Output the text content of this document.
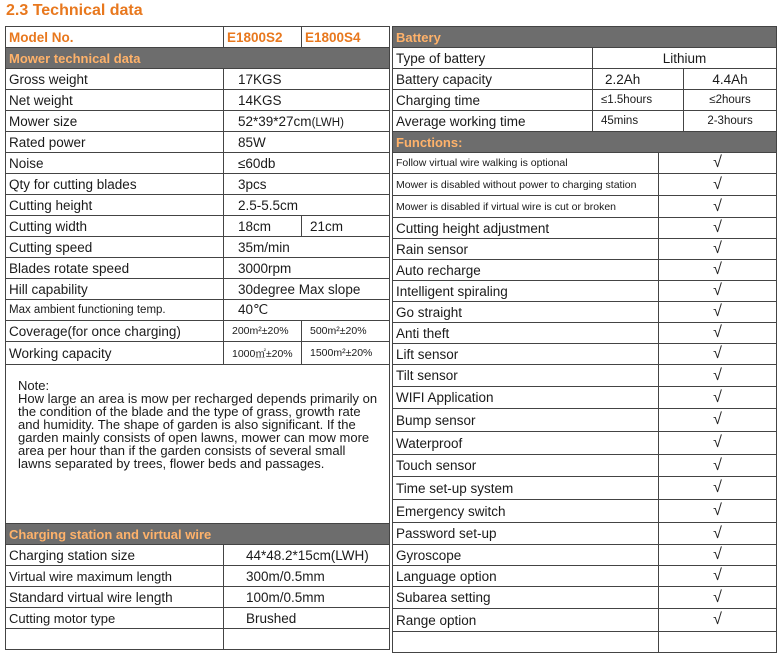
2.3 Technical data
Model No.	E1800S2	E1800S4
Mower technical data		
Gross weight	17KGS	
Net weight	14KGS	
Mower size	52*39*27cm(LWH)	
Rated power	85W	
Noise	≤60db	
Qty for cutting blades	3pcs	
Cutting height	2.5-5.5cm	
Cutting width	18cm	21cm
Cutting speed	35m/min	
Blades rotate speed	3000rpm	
Hill capability	30degree Max slope	
Max ambient functioning temp.	40℃	
Coverage(for once charging)	200m²±20%	500m²±20%
Working capacity	1000㎡±20%	1500m²±20%

Note:
How large an area is mow per recharged depends primarily on the condition of the blade and the type of grass, growth rate and humidity. The shape of garden is also significant. If the garden mainly consists of open lawns, mower can mow more area per hour than if the garden consists of several small lawns separated by trees, flower beds and passages.		
Charging station and virtual wire		
Charging station size	44*48.2*15cm(LWH)	
Virtual wire maximum length	300m/0.5mm	
Standard virtual wire length	100m/0.5mm	
Cutting motor type	Brushed	

Battery			
Type of battery	Lithium		
Battery capacity	2.2Ah		4.4Ah
Charging time	≤1.5hours		≤2hours
Average working time	45mins		2-3hours
Functions:			
Follow virtual wire walking is optional		√	
Mower is disabled without power to charging station		√	
Mower is disabled if virtual wire is cut or broken		√	
Cutting height adjustment		√	
Rain sensor		√	
Auto recharge		√	
Intelligent spiraling		√	
Go straight		√	
Anti theft		√	
Lift sensor		√	
Tilt sensor		√	
WIFI Application		√	
Bump sensor		√	
Waterproof		√	
Touch sensor		√	
Time set-up system		√	
Emergency switch		√	
Password set-up		√	
Gyroscope		√	
Language option		√	
Subarea setting		√	
Range option		√	
